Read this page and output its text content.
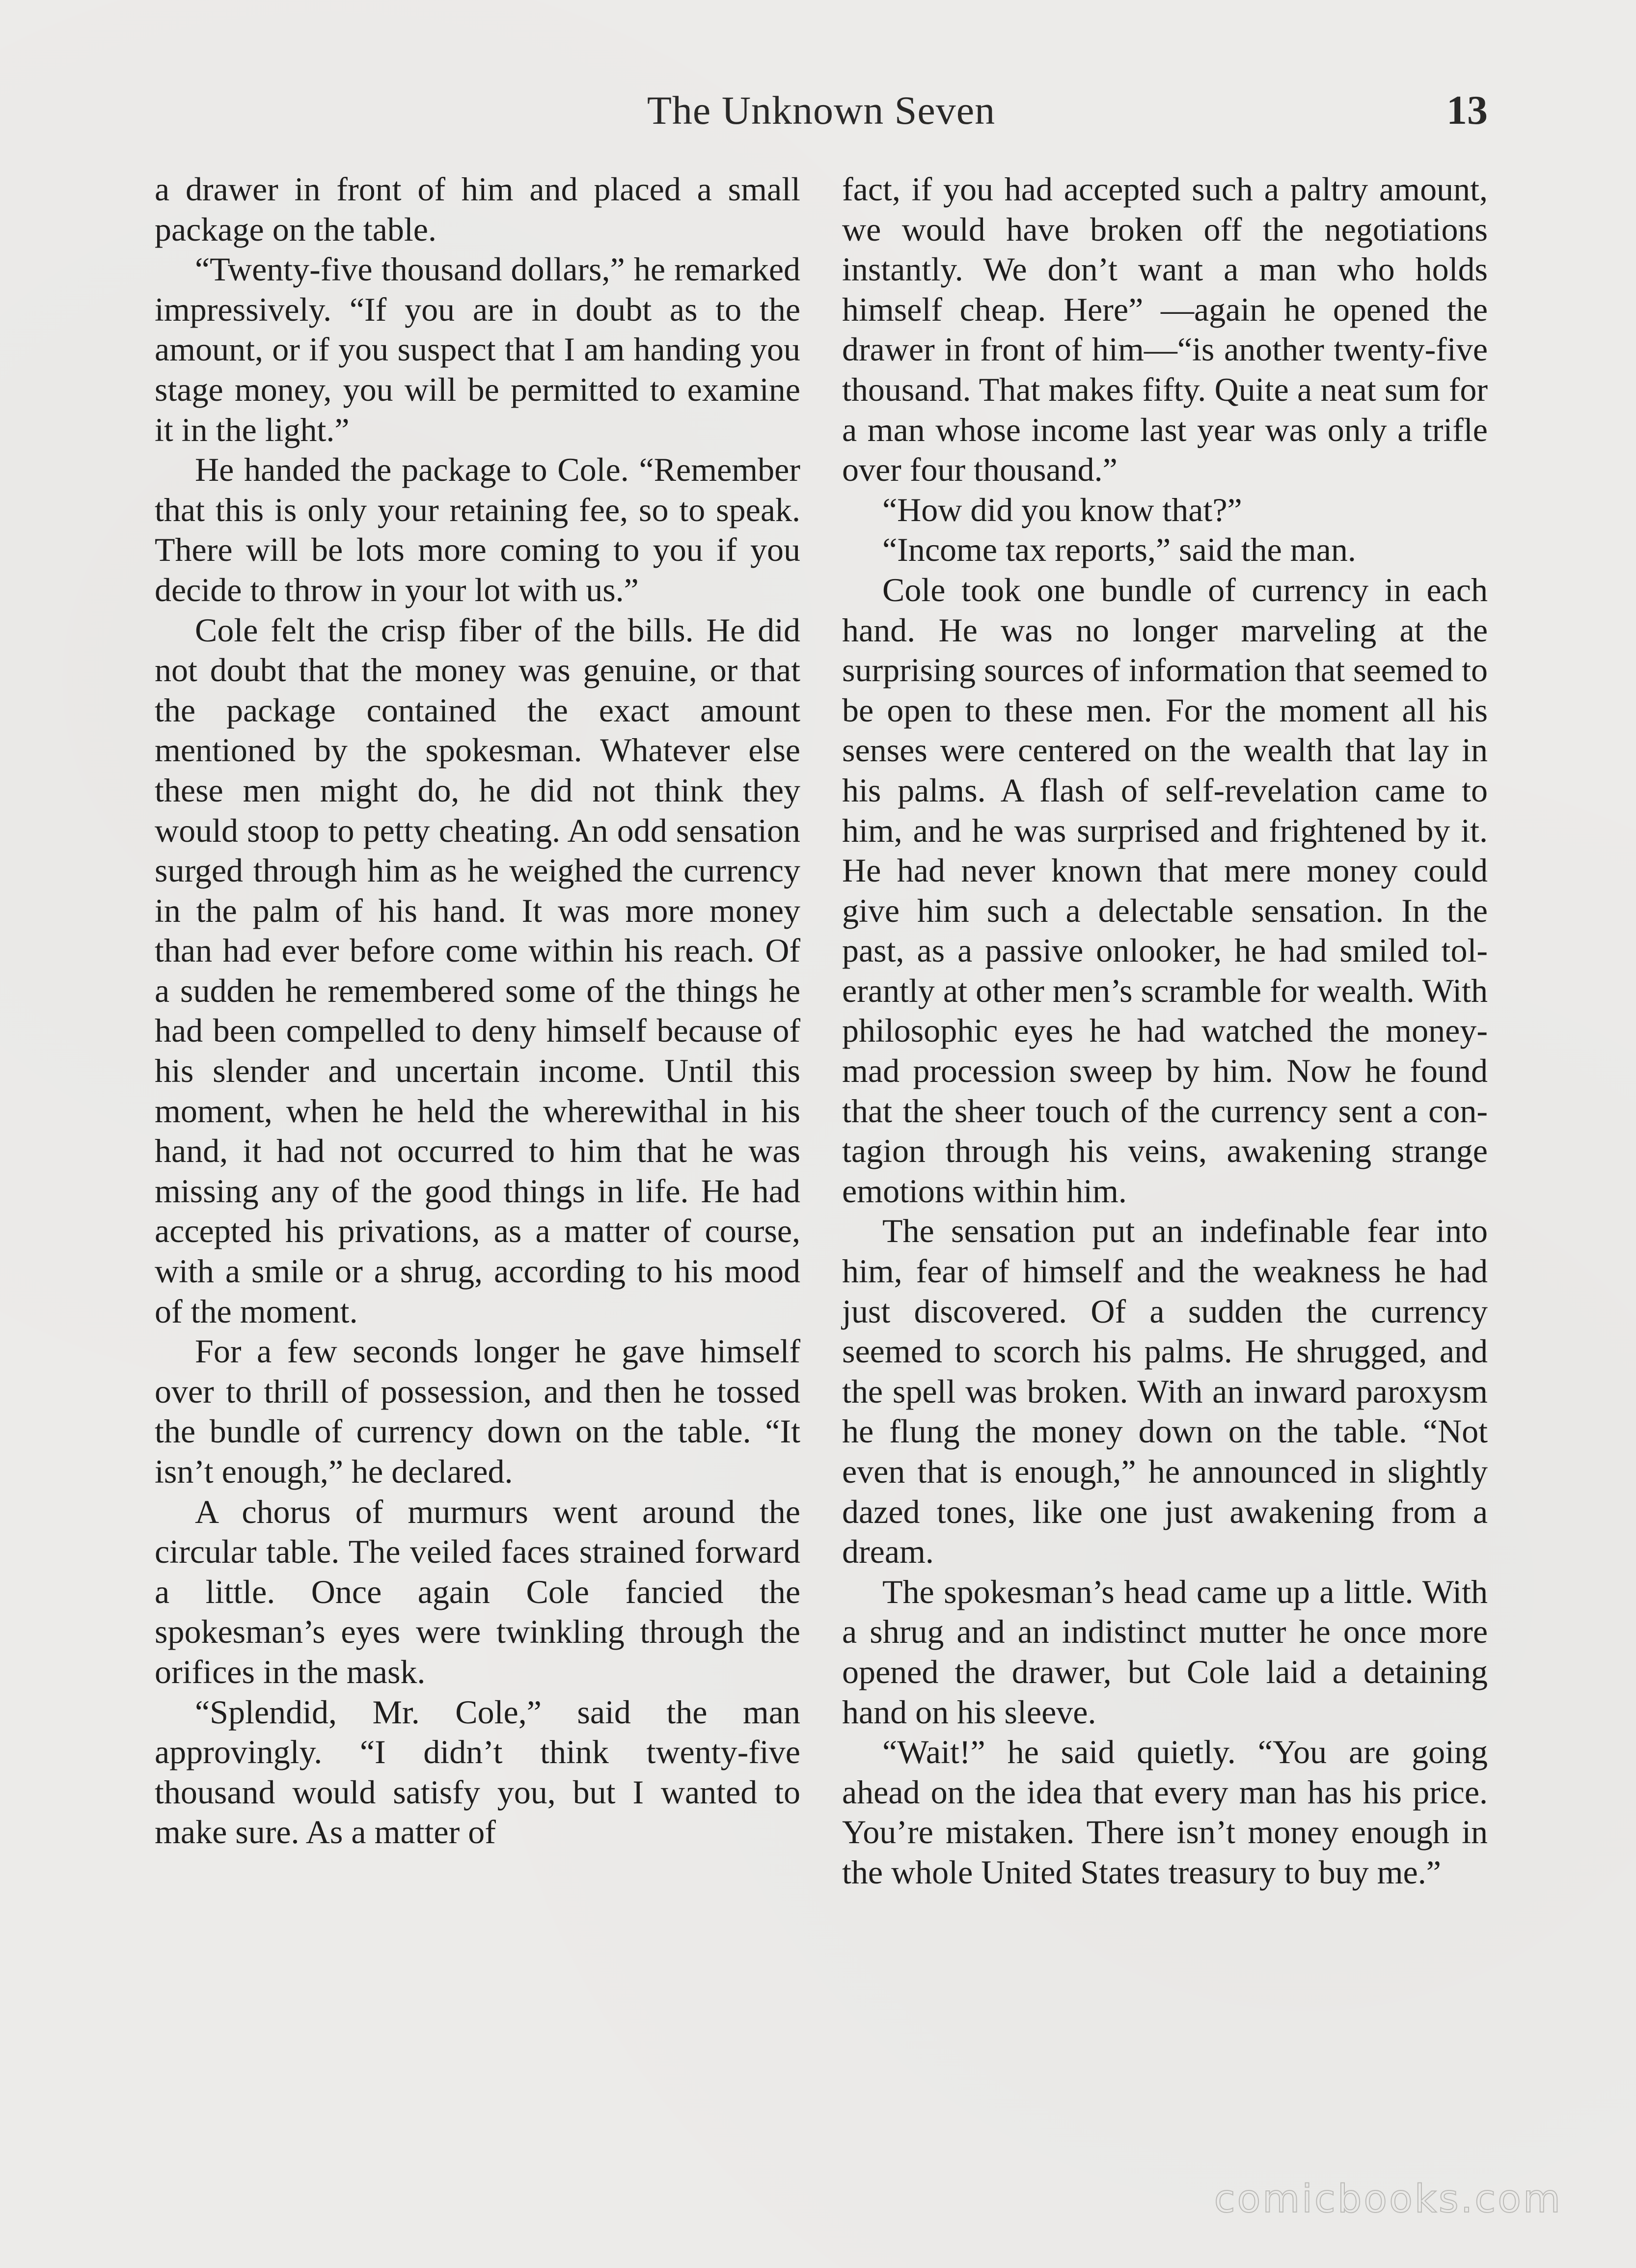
The Unknown Seven	13

a drawer in front of him and placed a small package on the table.

“Twenty-five thousand dollars,” he remarked impressively. “If you are in doubt as to the amount, or if you suspect that I am handing you stage money, you will be permitted to examine it in the light.”

He handed the package to Cole. “Remember that this is only your retaining fee, so to speak. There will be lots more coming to you if you decide to throw in your lot with us.”

Cole felt the crisp fiber of the bills. He did not doubt that the money was genuine, or that the package contained the exact amount mentioned by the spokesman. Whatever else these men might do, he did not think they would stoop to petty cheating. An odd sensation surged through him as he weighed the currency in the palm of his hand. It was more money than had ever before come within his reach. Of a sudden he remembered some of the things he had been compelled to deny himself because of his slender and uncertain income. Until this moment, when he held the wherewithal in his hand, it had not occurred to him that he was missing any of the good things in life. He had accepted his privations, as a matter of course, with a smile or a shrug, according to his mood of the moment.

For a few seconds longer he gave himself over to thrill of possession, and then he tossed the bundle of currency down on the table. “It isn’t enough,” he declared.

A chorus of murmurs went around the circular table. The veiled faces strained forward a little. Once again Cole fancied the spokesman’s eyes were twinkling through the orifices in the mask.

“Splendid, Mr. Cole,” said the man approvingly. “I didn’t think twenty-five thousand would satisfy you, but I wanted to make sure. As a matter of

fact, if you had accepted such a paltry amount, we would have broken off the negotiations instantly. We don’t want a man who holds himself cheap. Here” —again he opened the drawer in front of him—“is another twenty-five thousand. That makes fifty. Quite a neat sum for a man whose income last year was only a trifle over four thousand.”

“How did you know that?”

“Income tax reports,” said the man.

Cole took one bundle of currency in each hand. He was no longer marveling at the surprising sources of information that seemed to be open to these men. For the moment all his senses were centered on the wealth that lay in his palms. A flash of self-revelation came to him, and he was surprised and frightened by it. He had never known that mere money could give him such a delectable sensation. In the past, as a passive onlooker, he had smiled tolerantly at other men’s scramble for wealth. With philosophic eyes he had watched the money-mad procession sweep by him. Now he found that the sheer touch of the currency sent a contagion through his veins, awakening strange emotions within him.

The sensation put an indefinable fear into him, fear of himself and the weakness he had just discovered. Of a sudden the currency seemed to scorch his palms. He shrugged, and the spell was broken. With an inward paroxysm he flung the money down on the table. “Not even that is enough,” he announced in slightly dazed tones, like one just awakening from a dream.

The spokesman’s head came up a little. With a shrug and an indistinct mutter he once more opened the drawer, but Cole laid a detaining hand on his sleeve.

“Wait!” he said quietly. “You are going ahead on the idea that every man has his price. You’re mistaken. There isn’t money enough in the whole United States treasury to buy me.”

comicbooks.com
